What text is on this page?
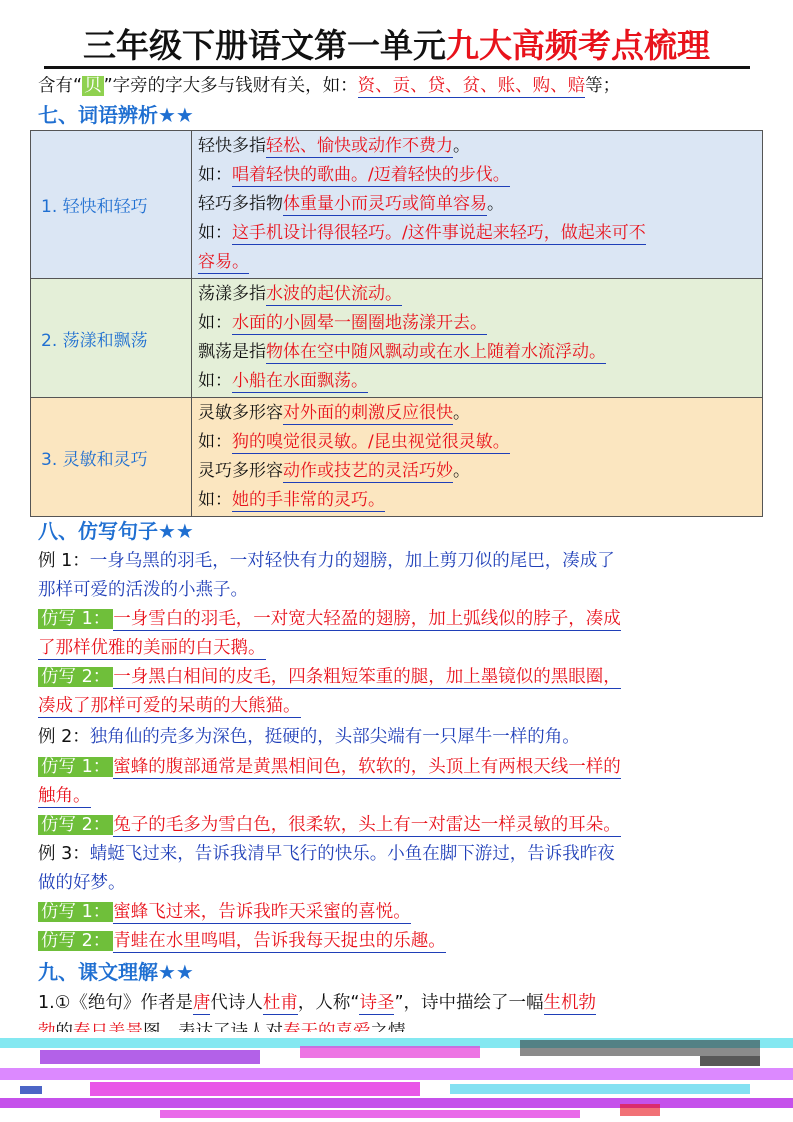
三年级下册语文第一单元九大高频考点梳理
含有“ 贝 ”字旁的字大多与钱财有关，如：资、贡、贷、贫、账、购、赔等；
七、词语辨析★★
1. 轻快和轻巧	轻快多指轻松、愉快或动作不费力。
如：唱着轻快的歌曲。/迈着轻快的步伐。
轻巧多指物体重量小而灵巧或简单容易。
如：这手机设计得很轻巧。/这件事说起来轻巧，做起来可不
容易。

2. 荡漾和飘荡	荡漾多指水波的起伏流动。
如：水面的小圆晕一圈圈地荡漾开去。
飘荡是指物体在空中随风飘动或在水上随着水流浮动。
如：小船在水面飘荡。

3. 灵敏和灵巧	灵敏多形容对外面的刺激反应很快。
如：狗的嗅觉很灵敏。/昆虫视觉很灵敏。
灵巧多形容动作或技艺的灵活巧妙。
如：她的手非常的灵巧。
八、仿写句子★★
例 1：一身乌黑的羽毛，一对轻快有力的翅膀，加上剪刀似的尾巴，凑成了
那样可爱的活泼的小燕子。
仿写 1： 一身雪白的羽毛，一对宽大轻盈的翅膀，加上弧线似的脖子，凑成
了那样优雅的美丽的白天鹅。
仿写 2： 一身黑白相间的皮毛，四条粗短笨重的腿，加上墨镜似的黑眼圈，
凑成了那样可爱的呆萌的大熊猫。
例 2：独角仙的壳多为深色，挺硬的，头部尖端有一只犀牛一样的角。
仿写 1： 蜜蜂的腹部通常是黄黑相间色，软软的，头顶上有两根天线一样的
触角。
仿写 2： 兔子的毛多为雪白色，很柔软，头上有一对雷达一样灵敏的耳朵。
例 3：蜻蜓飞过来，告诉我清早飞行的快乐。小鱼在脚下游过，告诉我昨夜
做的好梦。
仿写 1： 蜜蜂飞过来，告诉我昨天采蜜的喜悦。
仿写 2： 青蛙在水里鸣唱，告诉我每天捉虫的乐趣。
九、课文理解★★
1.①《绝句》作者是唐代诗人杜甫，人称“诗圣”，诗中描绘了一幅生机勃
